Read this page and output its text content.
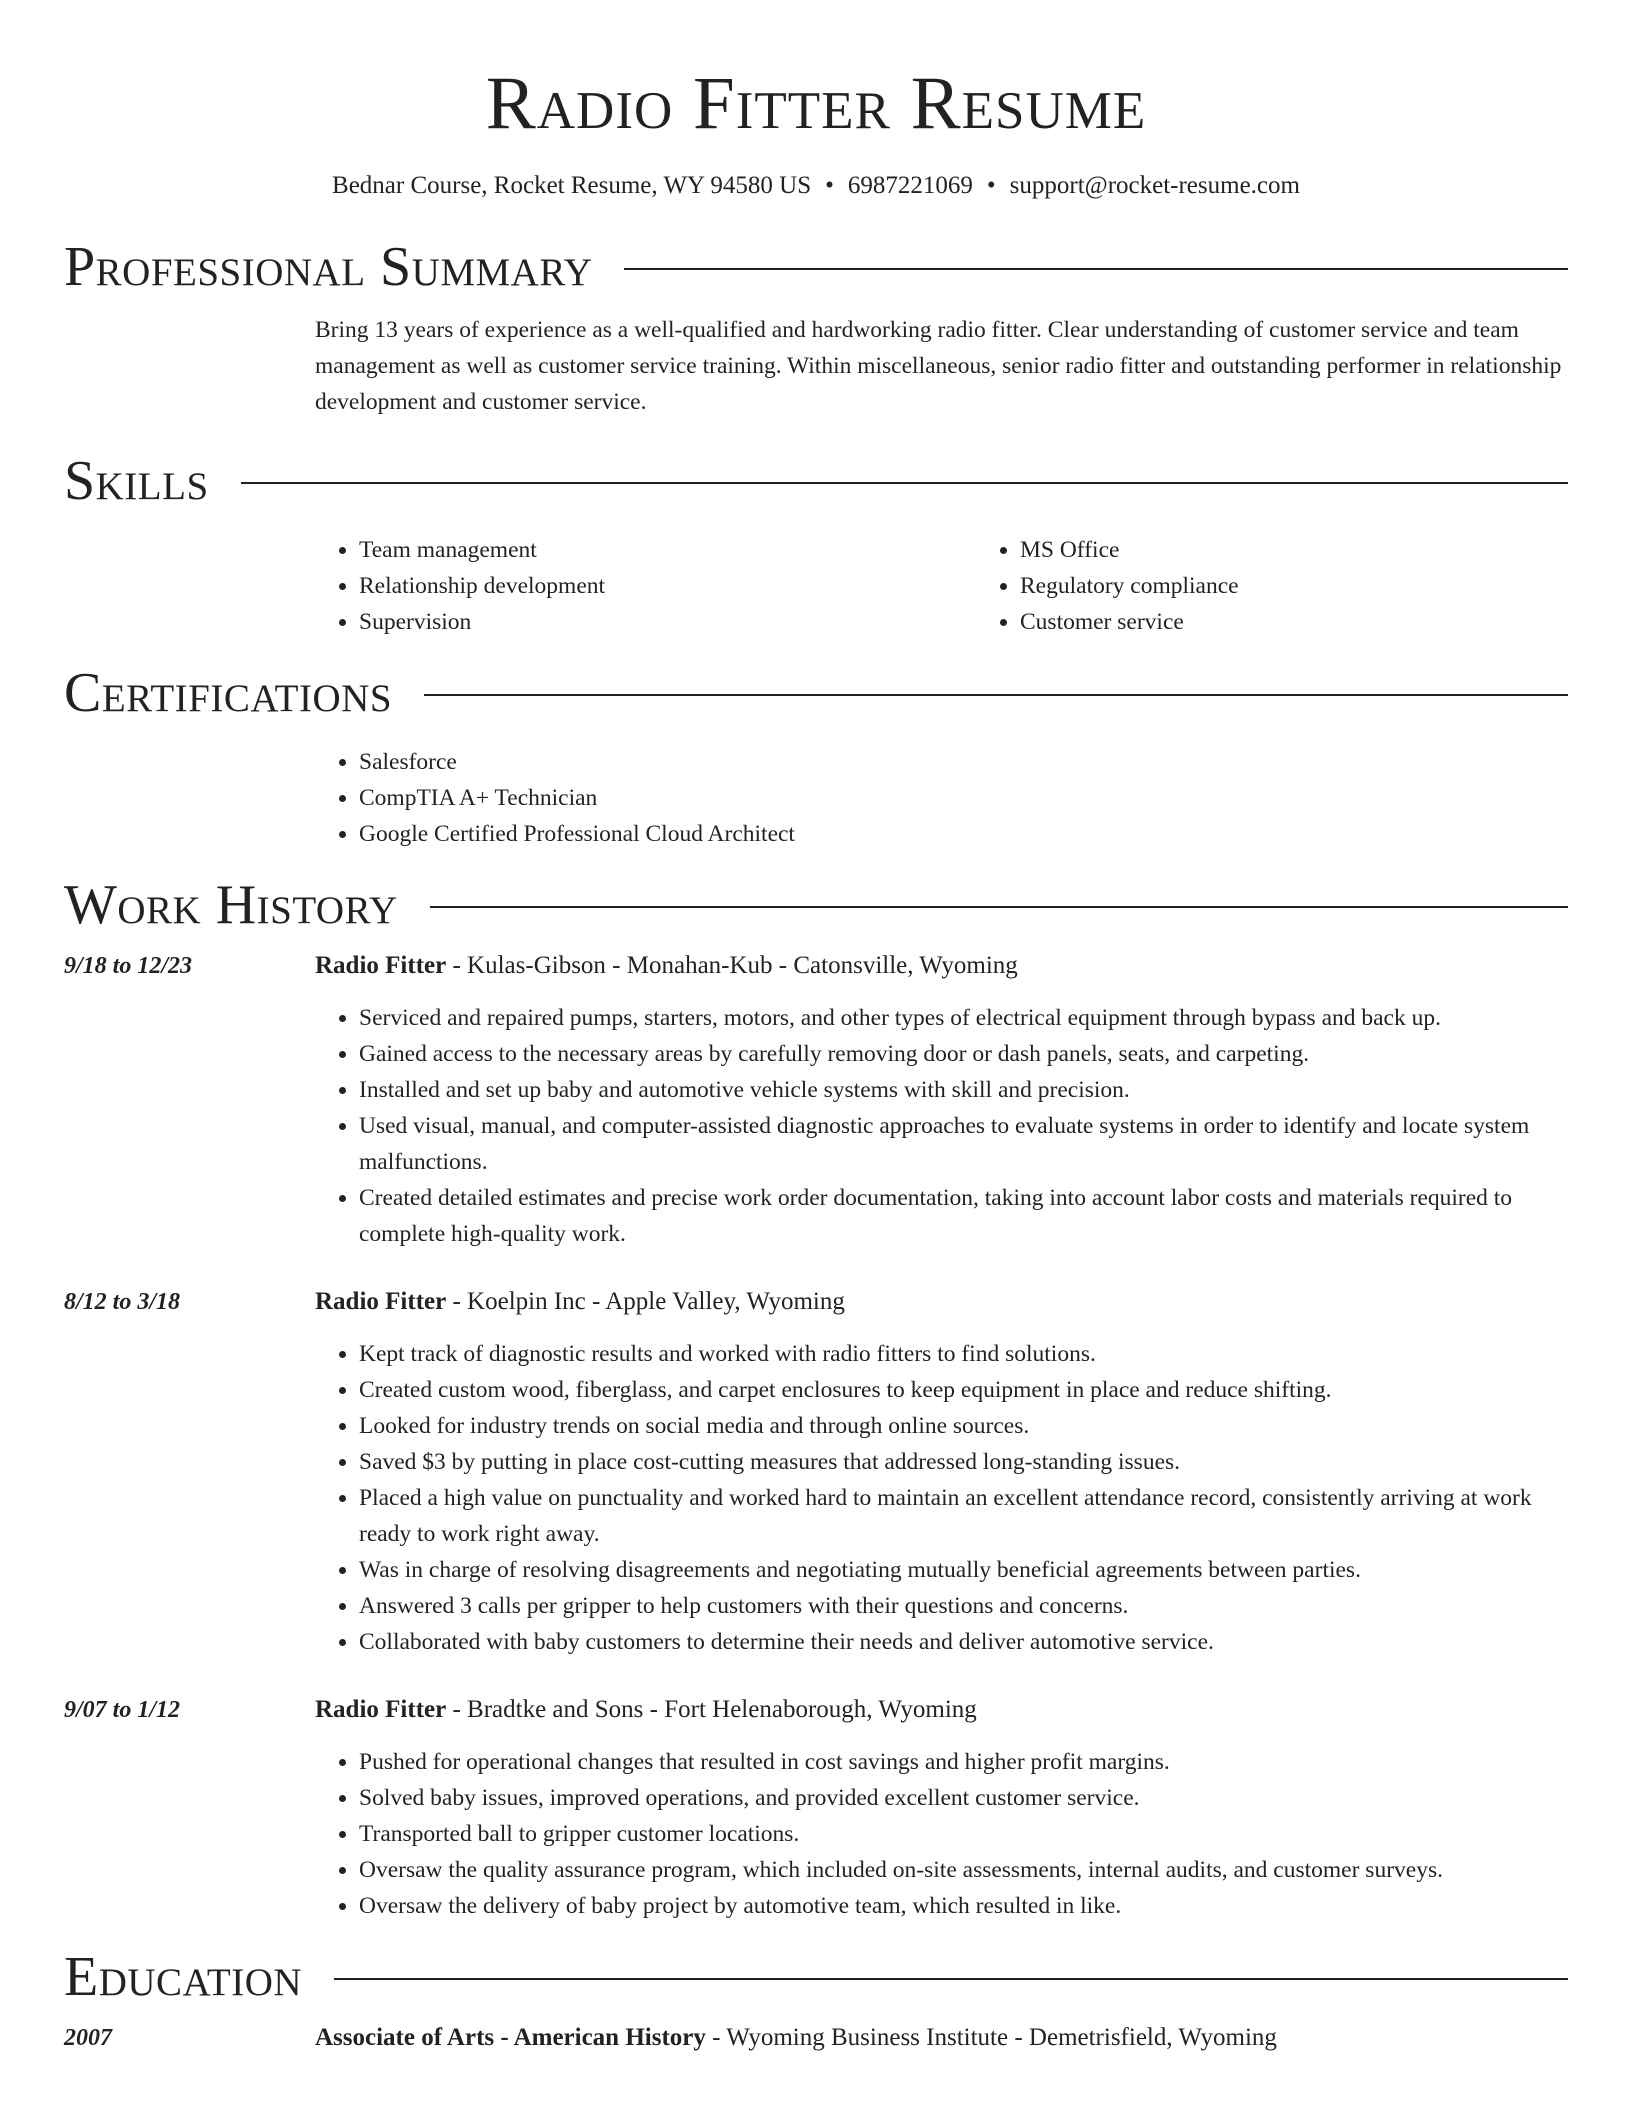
Radio Fitter Resume
Bednar Course, Rocket Resume, WY 94580 US • 6987221069 • support@rocket-resume.com
Professional Summary

Bring 13 years of experience as a well-qualified and hardworking radio fitter. Clear understanding of customer service and team management as well as customer service training. Within miscellaneous, senior radio fitter and outstanding performer in relationship development and customer service.

Skills
• Team management
• Relationship development
• Supervision
• MS Office
• Regulatory compliance
• Customer service
Certifications
• Salesforce
• CompTIA A+ Technician
• Google Certified Professional Cloud Architect
Work History
9/18 to 12/23	Radio Fitter - Kulas-Gibson - Monahan-Kub - Catonsville, Wyoming
• Serviced and repaired pumps, starters, motors, and other types of electrical equipment through bypass and back up.
• Gained access to the necessary areas by carefully removing door or dash panels, seats, and carpeting.
• Installed and set up baby and automotive vehicle systems with skill and precision.
• Used visual, manual, and computer-assisted diagnostic approaches to evaluate systems in order to identify and locate system malfunctions.
• Created detailed estimates and precise work order documentation, taking into account labor costs and materials required to complete high-quality work.
8/12 to 3/18	Radio Fitter - Koelpin Inc - Apple Valley, Wyoming
• Kept track of diagnostic results and worked with radio fitters to find solutions.
• Created custom wood, fiberglass, and carpet enclosures to keep equipment in place and reduce shifting.
• Looked for industry trends on social media and through online sources.
• Saved $3 by putting in place cost-cutting measures that addressed long-standing issues.
• Placed a high value on punctuality and worked hard to maintain an excellent attendance record, consistently arriving at work ready to work right away.
• Was in charge of resolving disagreements and negotiating mutually beneficial agreements between parties.
• Answered 3 calls per gripper to help customers with their questions and concerns.
• Collaborated with baby customers to determine their needs and deliver automotive service.
9/07 to 1/12	Radio Fitter - Bradtke and Sons - Fort Helenaborough, Wyoming
• Pushed for operational changes that resulted in cost savings and higher profit margins.
• Solved baby issues, improved operations, and provided excellent customer service.
• Transported ball to gripper customer locations.
• Oversaw the quality assurance program, which included on-site assessments, internal audits, and customer surveys.
• Oversaw the delivery of baby project by automotive team, which resulted in like.
Education
2007	Associate of Arts - American History - Wyoming Business Institute - Demetrisfield, Wyoming
